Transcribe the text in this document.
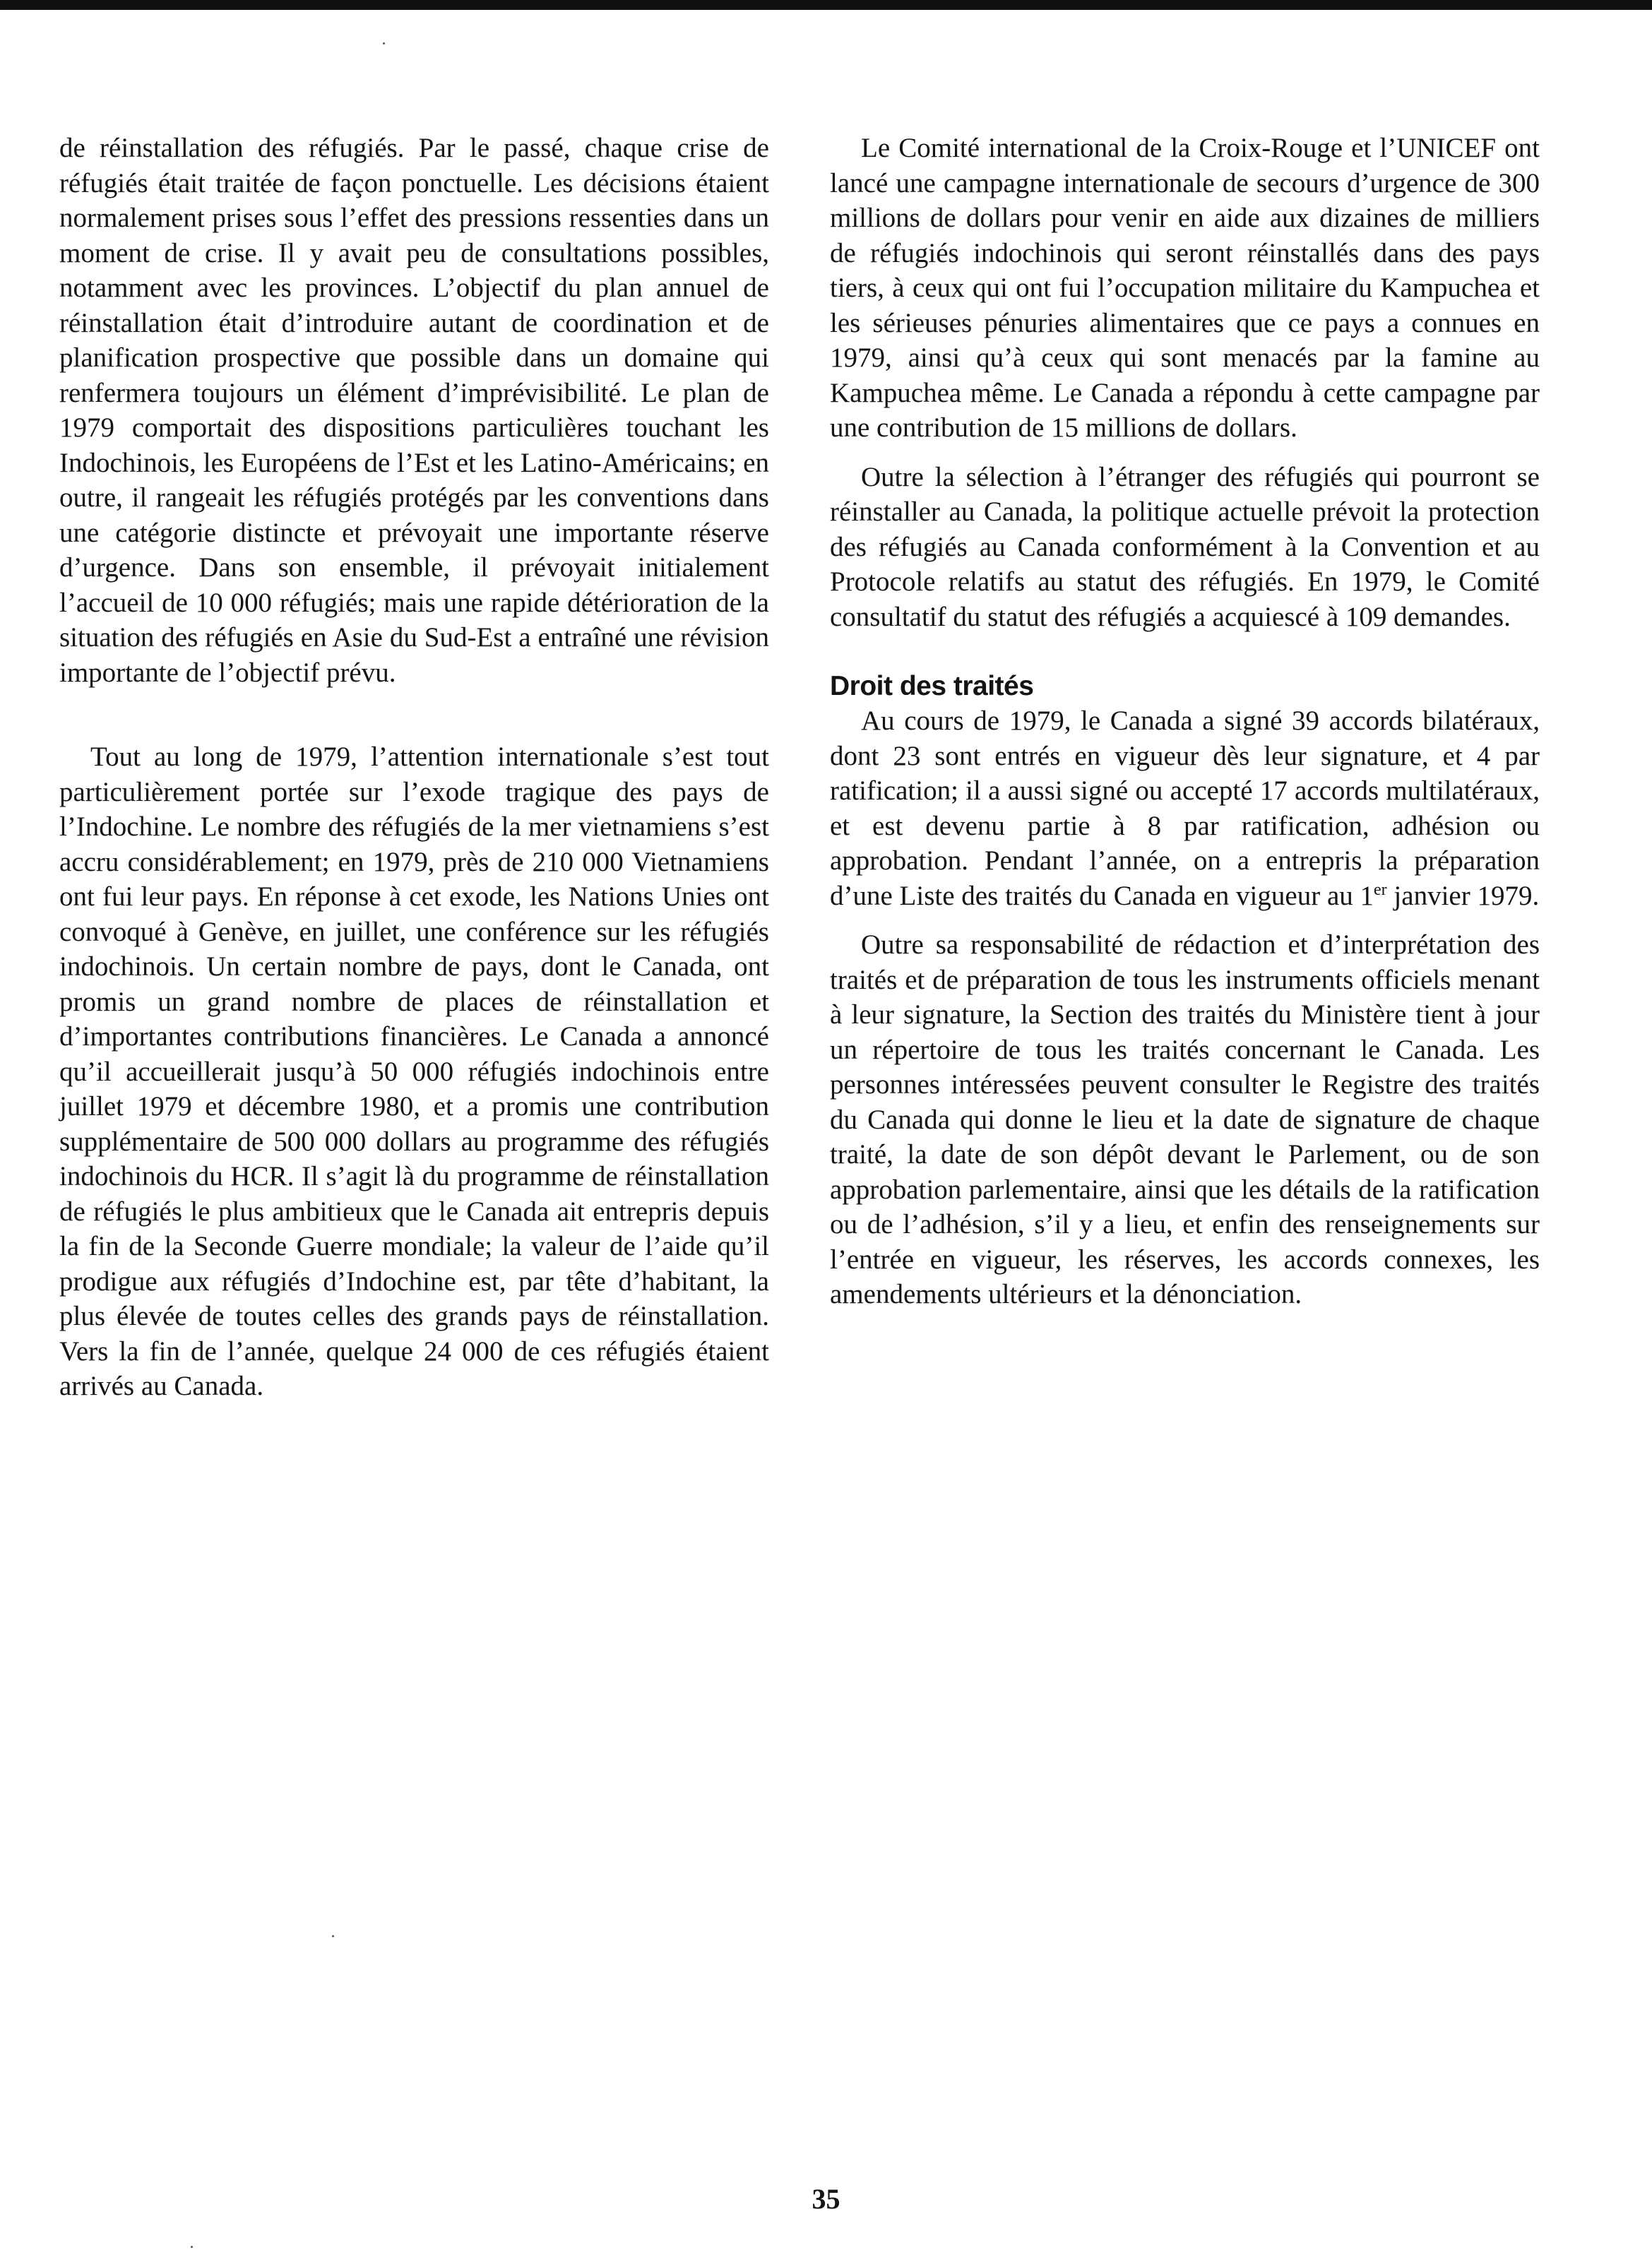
de réinstallation des réfugiés. Par le passé, chaque crise de réfugiés était traitée de façon ponctuelle. Les décisions étaient normalement prises sous l’effet des pressions ressenties dans un moment de crise. Il y avait peu de consultations possibles, notamment avec les provinces. L’objectif du plan annuel de réinstallation était d’introduire autant de coordination et de planification prospective que possible dans un domaine qui renfermera toujours un élément d’imprévisibilité. Le plan de 1979 comportait des dispositions particulières touchant les Indochinois, les Européens de l’Est et les Latino-Américains; en outre, il rangeait les réfugiés protégés par les conventions dans une catégorie distincte et prévoyait une importante réserve d’urgence. Dans son ensemble, il prévoyait initialement l’accueil de 10 000 réfugiés; mais une rapide détérioration de la situation des réfugiés en Asie du Sud-Est a entraîné une révision importante de l’objectif prévu.

Tout au long de 1979, l’attention internationale s’est tout particulièrement portée sur l’exode tragique des pays de l’Indochine. Le nombre des réfugiés de la mer vietnamiens s’est accru considérablement; en 1979, près de 210 000 Vietnamiens ont fui leur pays. En réponse à cet exode, les Nations Unies ont convoqué à Genève, en juillet, une conférence sur les réfugiés indochinois. Un certain nombre de pays, dont le Canada, ont promis un grand nombre de places de réinstallation et d’importantes contributions financières. Le Canada a annoncé qu’il accueillerait jusqu’à 50 000 réfugiés indochinois entre juillet 1979 et décembre 1980, et a promis une contribution supplémentaire de 500 000 dollars au programme des réfugiés indochinois du HCR. Il s’agit là du programme de réinstallation de réfugiés le plus ambitieux que le Canada ait entrepris depuis la fin de la Seconde Guerre mondiale; la valeur de l’aide qu’il prodigue aux réfugiés d’Indochine est, par tête d’habitant, la plus élevée de toutes celles des grands pays de réinstallation. Vers la fin de l’année, quelque 24 000 de ces réfugiés étaient arrivés au Canada.

Le Comité international de la Croix-Rouge et l’UNICEF ont lancé une campagne internationale de secours d’urgence de 300 millions de dollars pour venir en aide aux dizaines de milliers de réfugiés indochinois qui seront réinstallés dans des pays tiers, à ceux qui ont fui l’occupation militaire du Kampuchea et les sérieuses pénuries alimentaires que ce pays a connues en 1979, ainsi qu’à ceux qui sont menacés par la famine au Kampuchea même. Le Canada a répondu à cette campagne par une contribution de 15 millions de dollars.

Outre la sélection à l’étranger des réfugiés qui pourront se réinstaller au Canada, la politique actuelle prévoit la protection des réfugiés au Canada conformément à la Convention et au Protocole relatifs au statut des réfugiés. En 1979, le Comité consultatif du statut des réfugiés a acquiescé à 109 demandes.

Droit des traités

Au cours de 1979, le Canada a signé 39 accords bilatéraux, dont 23 sont entrés en vigueur dès leur signature, et 4 par ratification; il a aussi signé ou accepté 17 accords multilatéraux, et est devenu partie à 8 par ratification, adhésion ou approbation. Pendant l’année, on a entrepris la préparation d’une Liste des traités du Canada en vigueur au 1er janvier 1979.

Outre sa responsabilité de rédaction et d’interprétation des traités et de préparation de tous les instruments officiels menant à leur signature, la Section des traités du Ministère tient à jour un répertoire de tous les traités concernant le Canada. Les personnes intéressées peuvent consulter le Registre des traités du Canada qui donne le lieu et la date de signature de chaque traité, la date de son dépôt devant le Parlement, ou de son approbation parlementaire, ainsi que les détails de la ratification ou de l’adhésion, s’il y a lieu, et enfin des renseignements sur l’entrée en vigueur, les réserves, les accords connexes, les amendements ultérieurs et la dénonciation.

35
